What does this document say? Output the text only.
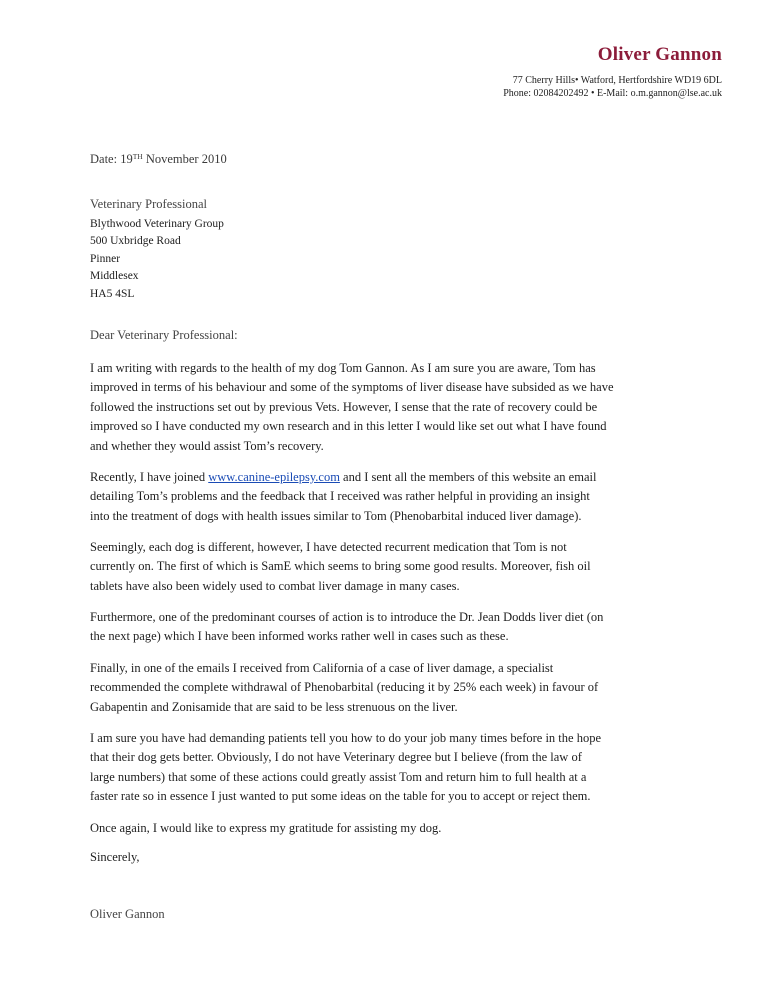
Oliver Gannon
77 Cherry Hills• Watford, Hertfordshire WD19 6DL
Phone: 02084202492 • E-Mail: o.m.gannon@lse.ac.uk
Date: 19TH November 2010
Veterinary Professional
Blythwood Veterinary Group
500 Uxbridge Road
Pinner
Middlesex
HA5 4SL
Dear Veterinary Professional:

I am writing with regards to the health of my dog Tom Gannon. As I am sure you are aware, Tom has
improved in terms of his behaviour and some of the symptoms of liver disease have subsided as we have
followed the instructions set out by previous Vets. However, I sense that the rate of recovery could be
improved so I have conducted my own research and in this letter I would like set out what I have found
and whether they would assist Tom’s recovery.

Recently, I have joined www.canine-epilepsy.com and I sent all the members of this website an email
detailing Tom’s problems and the feedback that I received was rather helpful in providing an insight
into the treatment of dogs with health issues similar to Tom (Phenobarbital induced liver damage).

Seemingly, each dog is different, however, I have detected recurrent medication that Tom is not
currently on. The first of which is SamE which seems to bring some good results. Moreover, fish oil
tablets have also been widely used to combat liver damage in many cases.

Furthermore, one of the predominant courses of action is to introduce the Dr. Jean Dodds liver diet (on
the next page) which I have been informed works rather well in cases such as these.

Finally, in one of the emails I received from California of a case of liver damage, a specialist
recommended the complete withdrawal of Phenobarbital (reducing it by 25% each week) in favour of
Gabapentin and Zonisamide that are said to be less strenuous on the liver.

I am sure you have had demanding patients tell you how to do your job many times before in the hope
that their dog gets better. Obviously, I do not have Veterinary degree but I believe (from the law of
large numbers) that some of these actions could greatly assist Tom and return him to full health at a
faster rate so in essence I just wanted to put some ideas on the table for you to accept or reject them.

Once again, I would like to express my gratitude for assisting my dog.
Sincerely,
Oliver Gannon
